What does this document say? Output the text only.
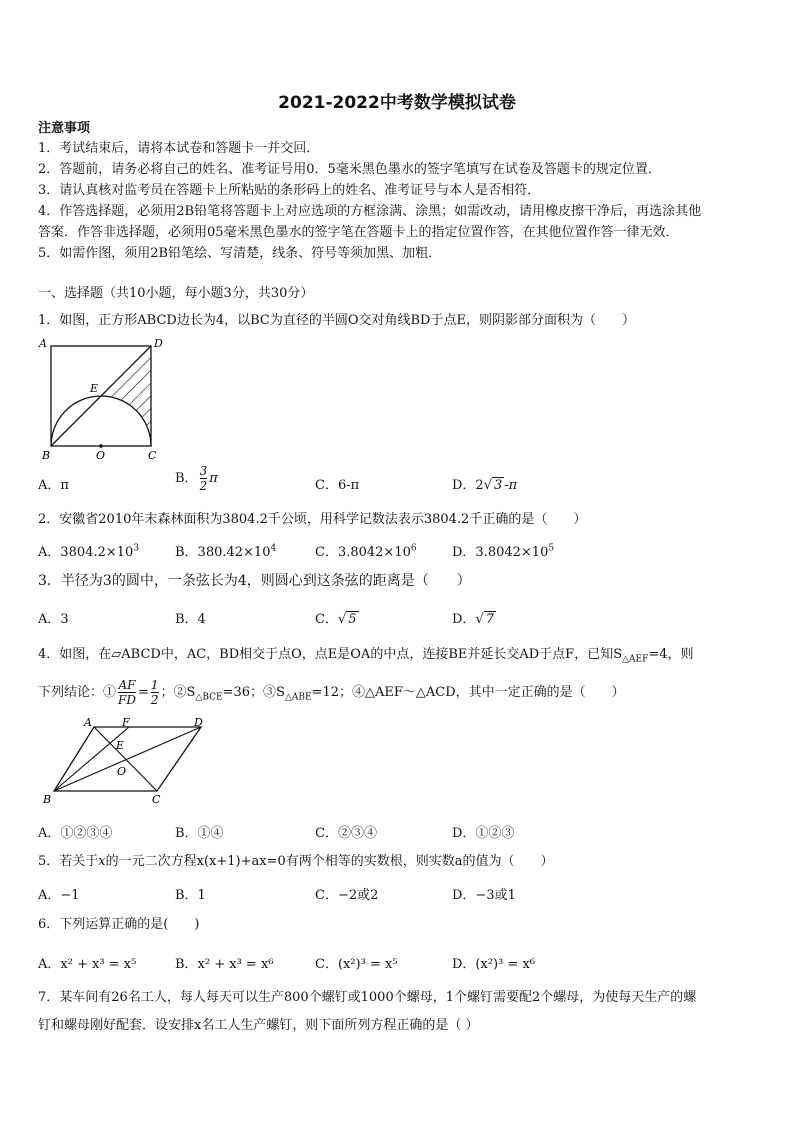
2021-2022中考数学模拟试卷
注意事项
1．考试结束后，请将本试卷和答题卡一并交回．
2．答题前，请务必将自己的姓名、准考证号用0．5毫米黑色墨水的签字笔填写在试卷及答题卡的规定位置．
3．请认真核对监考员在答题卡上所粘贴的条形码上的姓名、准考证号与本人是否相符．
4．作答选择题，必须用2B铅笔将答题卡上对应选项的方框涂满、涂黑；如需改动，请用橡皮擦干净后，再选涂其他
答案．作答非选择题，必须用05毫米黑色墨水的签字笔在答题卡上的指定位置作答，在其他位置作答一律无效．
5．如需作图，须用2B铅笔绘、写清楚，线条、符号等须加黑、加粗．
一、选择题（共10小题，每小题3分，共30分）
1．如图，正方形ABCD边长为4，以BC为直径的半圆O交对角线BD于点E，则阴影部分面积为（　　）
A	D
E
B	O	C
A．π	B． $\frac{3}{2}$ π	C．6-π	D．2√ 3 -π
2．安徽省2010年末森林面积为3804.2千公顷，用科学记数法表示3804.2千正确的是（　　）
A．$3804.2\times 10^3$	B．$380.42\times 10^4$	C．$3.8042\times 10^6$	D．$3.8042\times 10^5$
3．半径为3的圆中，一条弦长为4，则圆心到这条弦的距离是（　　）
A．3	B．4	C．√ 5	D．√ 7
4．如图，在▱ABCD中，AC，BD相交于点O，点E是OA的中点，连接BE并延长交AD于点F，已知$S_{\triangle AEF}=4$，则
下列结论：① $\frac{AF}{FD} = \frac{1}{2}$ ；$②S_{\triangle BCE}=36$；$③S_{\triangle ABE}=12$；④△AEF～△ACD，其中一定正确的是（　　）
A	F	D
E
O
B	C
A．①②③④	B．①④	C．②③④	D．①②③
5．若关于x的一元二次方程x(x+1)+ax=0有两个相等的实数根，则实数a的值为（　　）
A．−1	B．1	C．−2或2	D．−3或1
6．下列运算正确的是(　　)
A．x² + x³ = x⁵	B．x² + x³ = x⁶	C．(x²)³ = x⁵	D．(x²)³ = x⁶
7．某车间有26名工人，每人每天可以生产800个螺钉或1000个螺母，1个螺钉需要配2个螺母，为使每天生产的螺
钉和螺母刚好配套．设安排x名工人生产螺钉，则下面所列方程正确的是（ ）
